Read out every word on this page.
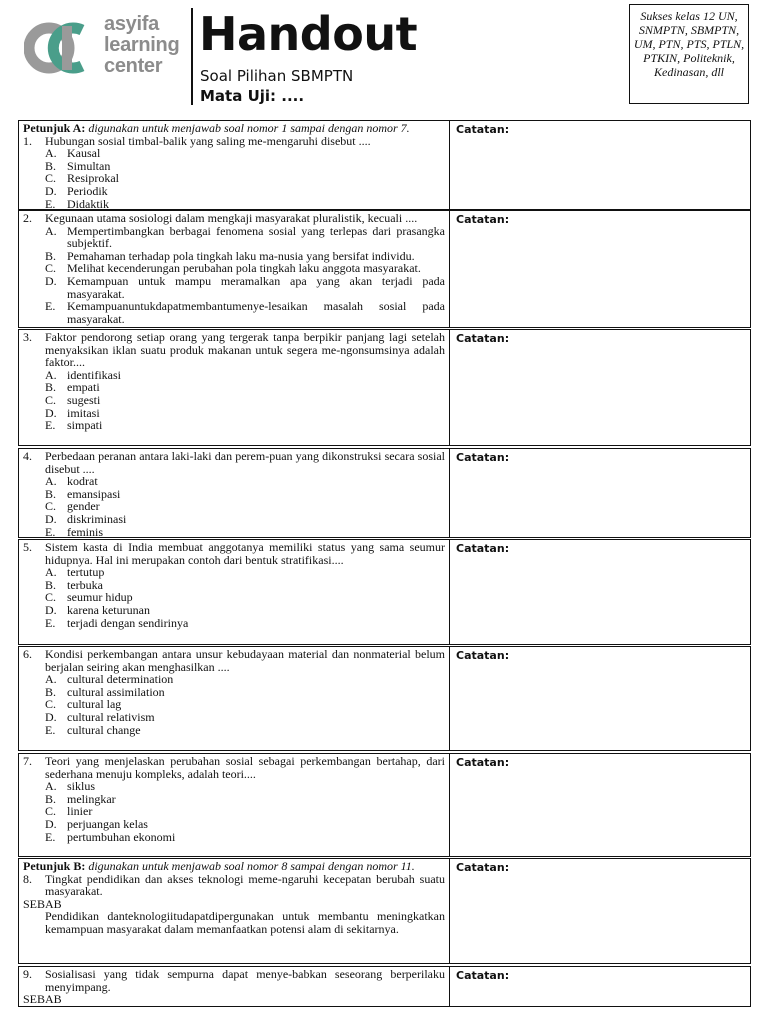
asyifa
learning
center
Handout
Soal Pilihan SBMPTN
Mata Uji: ....
Sukses kelas 12 UN, SNMPTN, SBMPTN, UM, PTN, PTS, PTLN, PTKIN, Politeknik, Kedinasan, dll
Petunjuk A: digunakan untuk menjawab soal nomor 1 sampai dengan nomor 7.
1.	Hubungan sosial timbal-balik yang saling me-mengaruhi disebut ....
A. Kausal
B. Simultan
C. Resiprokal
D. Periodik
E. Didaktik
Catatan:
2.	Kegunaan utama sosiologi dalam mengkaji masyarakat pluralistik, kecuali ....
A. Mempertimbangkan berbagai fenomena sosial yang terlepas dari prasangka subjektif.
B. Pemahaman terhadap pola tingkah laku ma-nusia yang bersifat individu.
C. Melihat kecenderungan perubahan pola tingkah laku anggota masyarakat.
D. Kemampuan untuk mampu meramalkan apa yang akan terjadi pada masyarakat.
E. Kemampuanuntukdapatmembantumenye-lesaikan masalah sosial pada masyarakat.
Catatan:
3.	Faktor pendorong setiap orang yang tergerak tanpa berpikir panjang lagi setelah menyaksikan iklan suatu produk makanan untuk segera me-ngonsumsinya adalah faktor....
A. identifikasi
B. empati
C. sugesti
D. imitasi
E. simpati
Catatan:
4.	Perbedaan peranan antara laki-laki dan perem-puan yang dikonstruksi secara sosial disebut ....
A. kodrat
B. emansipasi
C. gender
D. diskriminasi
E. feminis
Catatan:
5.	Sistem kasta di India membuat anggotanya memiliki status yang sama seumur hidupnya. Hal ini merupakan contoh dari bentuk stratifikasi....
A. tertutup
B. terbuka
C. seumur hidup
D. karena keturunan
E. terjadi dengan sendirinya
Catatan:
6.	Kondisi perkembangan antara unsur kebudayaan material dan nonmaterial belum berjalan seiring akan menghasilkan ....
A. cultural determination
B. cultural assimilation
C. cultural lag
D. cultural relativism
E. cultural change
Catatan:
7.	Teori yang menjelaskan perubahan sosial sebagai perkembangan bertahap, dari sederhana menuju kompleks, adalah teori....
A. siklus
B. melingkar
C. linier
D. perjuangan kelas
E. pertumbuhan ekonomi
Catatan:
Petunjuk B: digunakan untuk menjawab soal nomor 8 sampai dengan nomor 11.
8.	Tingkat pendidikan dan akses teknologi meme-ngaruhi kecepatan berubah suatu masyarakat.
SEBAB
Pendidikan danteknologiitudapatdipergunakan untuk membantu meningkatkan kemampuan masyarakat dalam memanfaatkan potensi alam di sekitarnya.
Catatan:
9.	Sosialisasi yang tidak sempurna dapat menye-babkan seseorang berperilaku menyimpang.
SEBAB
Catatan:
